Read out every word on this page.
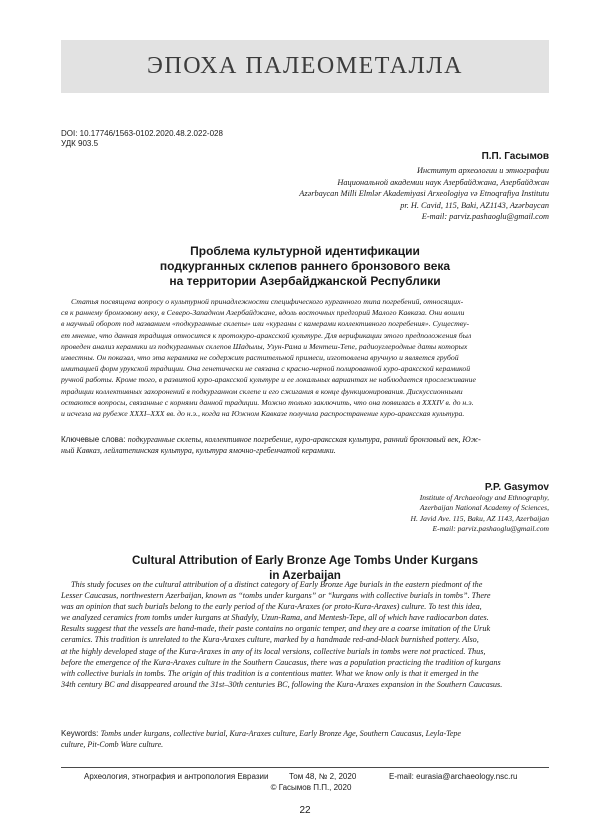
ЭПОХА ПАЛЕОМЕТАЛЛА
DOI: 10.17746/1563-0102.2020.48.2.022-028
УДК 903.5
П.П. Гасымов
Институт археологии и этнографии
Национальной академии наук Азербайджана, Азербайджан
Azərbaycan Milli Elmlər Akademiyasi Arxeologiya və Etnoqrafiya Institutu
pr. H. Cavid, 115, Baki, AZ1143, Azərbaycan
E-mail: parviz.pashaoglu@gmail.com
Проблема культурной идентификации
подкурганных склепов раннего бронзового века
на территории Азербайджанской Республики
Статья посвящена вопросу о культурной принадлежности специфического курганного типа погребений, относящих-
ся к раннему бронзовому веку, в Северо-Западном Азербайджане, вдоль восточных предгорий Малого Кавказа. Они вошли
в научный оборот под названием «подкурганные склепы» или «курганы с камерами коллективного погребения». Существу-
ет мнение, что данная традиция относится к протокуро-араксской культуре. Для верификации этого предположения был
проведен анализ керамики из подкурганных склепов Шадылы, Узун-Рама и Ментеш-Тепе, радиоуглеродные даты которых
известны. Он показал, что эта керамика не содержит растительной примеси, изготовлена вручную и является грубой
имитацией форм урукской традиции. Она генетически не связана с красно-черной полированной куро-араксской керамикой
ручной работы. Кроме того, в развитой куро-араксской культуре и ее локальных вариантах не наблюдается прослеживание
традиции коллективных захоронений в подкурганном склепе и его сжигания в конце функционирования. Дискуссионными
остаются вопросы, связанные с корнями данной традиции. Можно только заключить, что она появилась в XXXIV в. до н.э.
и исчезла на рубеже XXXI–XXX вв. до н.э., когда на Южном Кавказе получила распространение куро-араксская культура.
Ключевые слова: подкурганные склепы, коллективное погребение, куро-араксская культура, ранний бронзовый век, Юж-
ный Кавказ, лейлатепинская культура, культура ямочно-гребенчатой керамики.
P.P. Gasymov
Institute of Archaeology and Ethnography,
Azerbaijan National Academy of Sciences,
H. Javid Ave. 115, Baku, AZ 1143, Azerbaijan
E-mail: parviz.pashaoglu@gmail.com
Cultural Attribution of Early Bronze Age Tombs Under Kurgans
in Azerbaijan
This study focuses on the cultural attribution of a distinct category of Early Bronze Age burials in the eastern piedmont of the
Lesser Caucasus, northwestern Azerbaijan, known as “tombs under kurgans” or “kurgans with collective burials in tombs”. There
was an opinion that such burials belong to the early period of the Kura-Araxes (or proto-Kura-Araxes) culture. To test this idea,
we analyzed ceramics from tombs under kurgans at Shadyly, Uzun-Rama, and Mentesh-Tepe, all of which have radiocarbon dates.
Results suggest that the vessels are hand-made, their paste contains no organic temper, and they are a coarse imitation of the Uruk
ceramics. This tradition is unrelated to the Kura-Araxes culture, marked by a handmade red-and-black burnished pottery. Also,
at the highly developed stage of the Kura-Araxes in any of its local versions, collective burials in tombs were not practiced. Thus,
before the emergence of the Kura-Araxes culture in the Southern Caucasus, there was a population practicing the tradition of kurgans
with collective burials in tombs. The origin of this tradition is a contentious matter. What we know only is that it emerged in the
34th century BC and disappeared around the 31st–30th centuries BC, following the Kura-Araxes expansion in the Southern Caucasus.
Keywords: Tombs under kurgans, collective burial, Kura-Araxes culture, Early Bronze Age, Southern Caucasus, Leyla-Tepe
culture, Pit-Comb Ware culture.
Археология, этнография и антропология Евразии	Том 48, № 2, 2020	E-mail: eurasia@archaeology.nsc.ru
© Гасымов П.П., 2020
22
